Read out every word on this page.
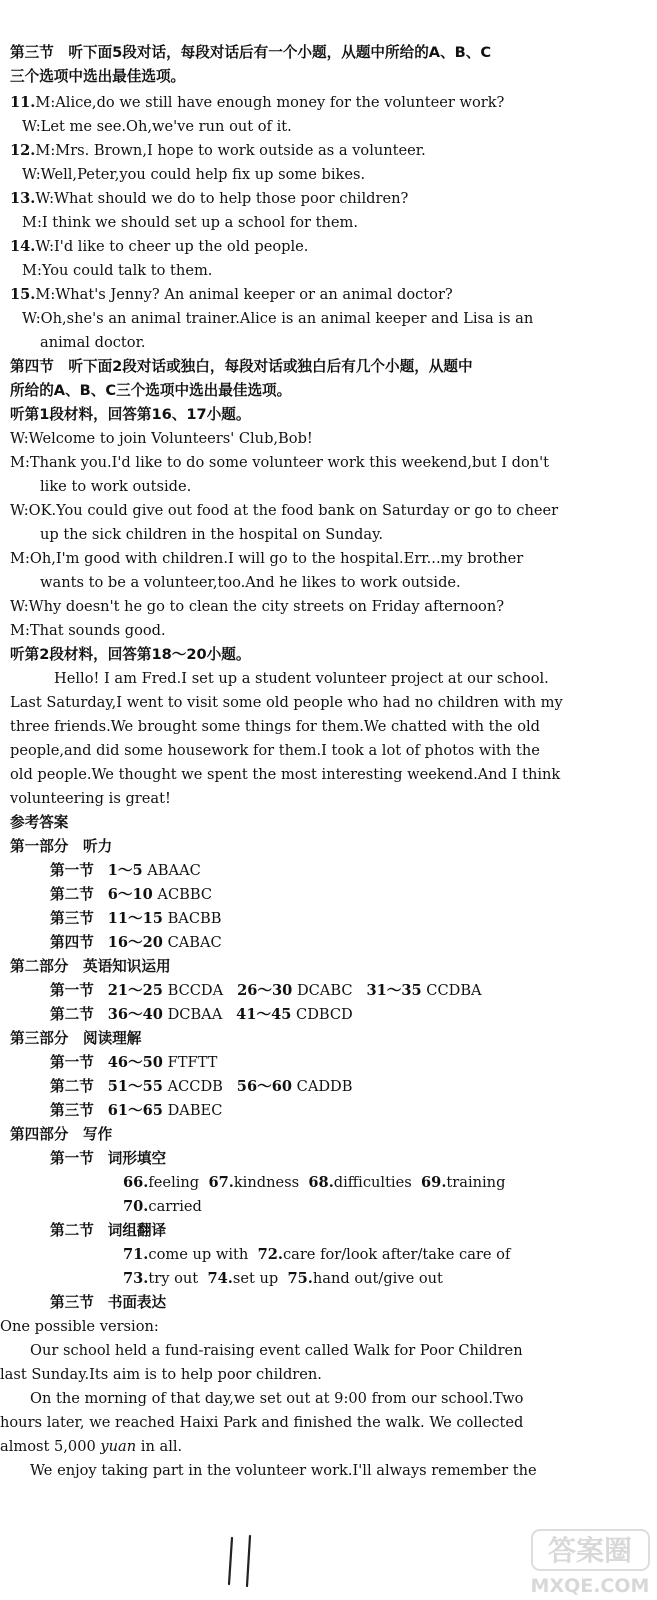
第三节　听下面5段对话，每段对话后有一个小题，从题中所给的A、B、C
三个选项中选出最佳选项。
11.M:Alice,do we still have enough money for the volunteer work?
W:Let me see.Oh,we've run out of it.
12.M:Mrs. Brown,I hope to work outside as a volunteer.
W:Well,Peter,you could help fix up some bikes.
13.W:What should we do to help those poor children?
M:I think we should set up a school for them.
14.W:I'd like to cheer up the old people.
M:You could talk to them.
15.M:What's Jenny? An animal keeper or an animal doctor?
W:Oh,she's an animal trainer.Alice is an animal keeper and Lisa is an
animal doctor.
第四节　听下面2段对话或独白，每段对话或独白后有几个小题，从题中
所给的A、B、C三个选项中选出最佳选项。
听第1段材料，回答第16、17小题。
W:Welcome to join Volunteers' Club,Bob!
M:Thank you.I'd like to do some volunteer work this weekend,but I don't
like to work outside.
W:OK.You could give out food at the food bank on Saturday or go to cheer
up the sick children in the hospital on Sunday.
M:Oh,I'm good with children.I will go to the hospital.Err...my brother
wants to be a volunteer,too.And he likes to work outside.
W:Why doesn't he go to clean the city streets on Friday afternoon?
M:That sounds good.
听第2段材料，回答第18～20小题。
Hello! I am Fred.I set up a student volunteer project at our school.
Last Saturday,I went to visit some old people who had no children with my
three friends.We brought some things for them.We chatted with the old
people,and did some housework for them.I took a lot of photos with the
old people.We thought we spent the most interesting weekend.And I think
volunteering is great!
参考答案
第一部分　听力
第一节 1～5 ABAAC
第二节 6～10 ACBBC
第三节 11～15 BACBB
第四节 16～20 CABAC
第二部分　英语知识运用
第一节 21～25 BCCDA 26～30 DCABC 31～35 CCDBA
第二节 36～40 DCBAA 41～45 CDBCD
第三部分　阅读理解
第一节 46～50 FTFTT
第二节 51～55 ACCDB 56～60 CADDB
第三节 61～65 DABEC
第四部分　写作
第一节 词形填空
66.feeling 67.kindness 68.difficulties 69.training
70.carried
第二节 词组翻译
71.come up with 72.care for/look after/take care of
73.try out 74.set up 75.hand out/give out
第三节 书面表达
One possible version:
Our school held a fund-raising event called Walk for Poor Children
last Sunday.Its aim is to help poor children.
On the morning of that day,we set out at 9:00 from our school.Two
hours later, we reached Haixi Park and finished the walk. We collected
almost 5,000 yuan in all.
We enjoy taking part in the volunteer work.I'll always remember the
答案圈
MXQE.COM
